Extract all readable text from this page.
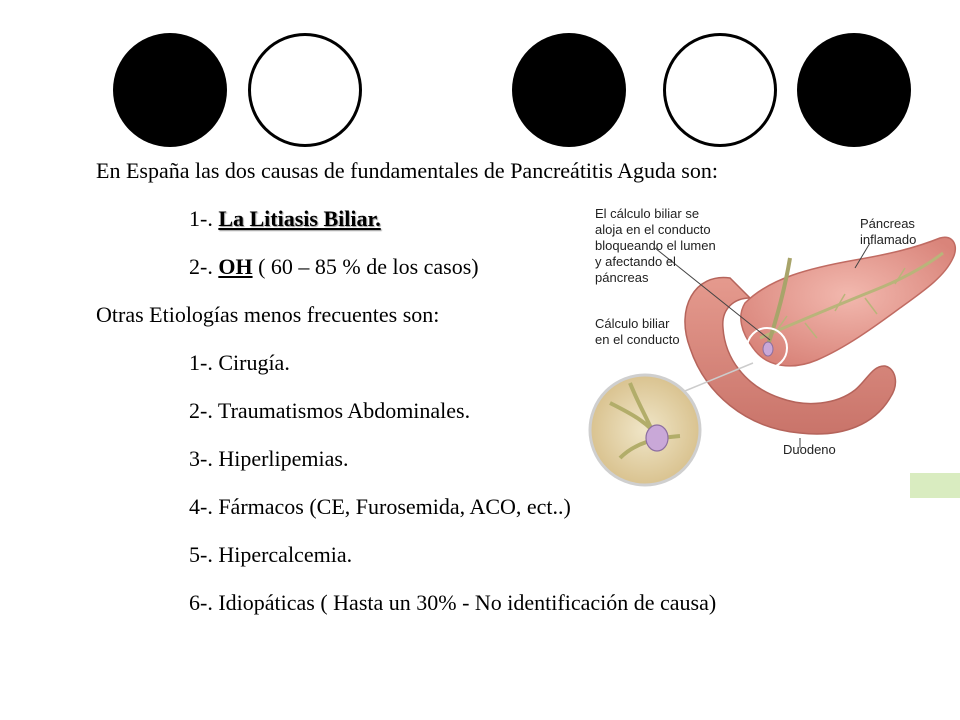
En España las dos causas de fundamentales de Pancreátitis Aguda son:
1-. La Litiasis Biliar.
2-. OH ( 60 – 85 % de los casos)
Otras Etiologías menos frecuentes son:
El cálculo biliar se
aloja en el conducto
bloqueando el lumen
y afectando el
páncreas
Páncreas
inflamado
Cálculo biliar
en el conducto
Duodeno
1-. Cirugía.
2-. Traumatismos Abdominales.
3-. Hiperlipemias.
4-. Fármacos (CE, Furosemida, ACO, ect..)
5-. Hipercalcemia.
6-. Idiopáticas ( Hasta un 30% - No identificación de causa)
